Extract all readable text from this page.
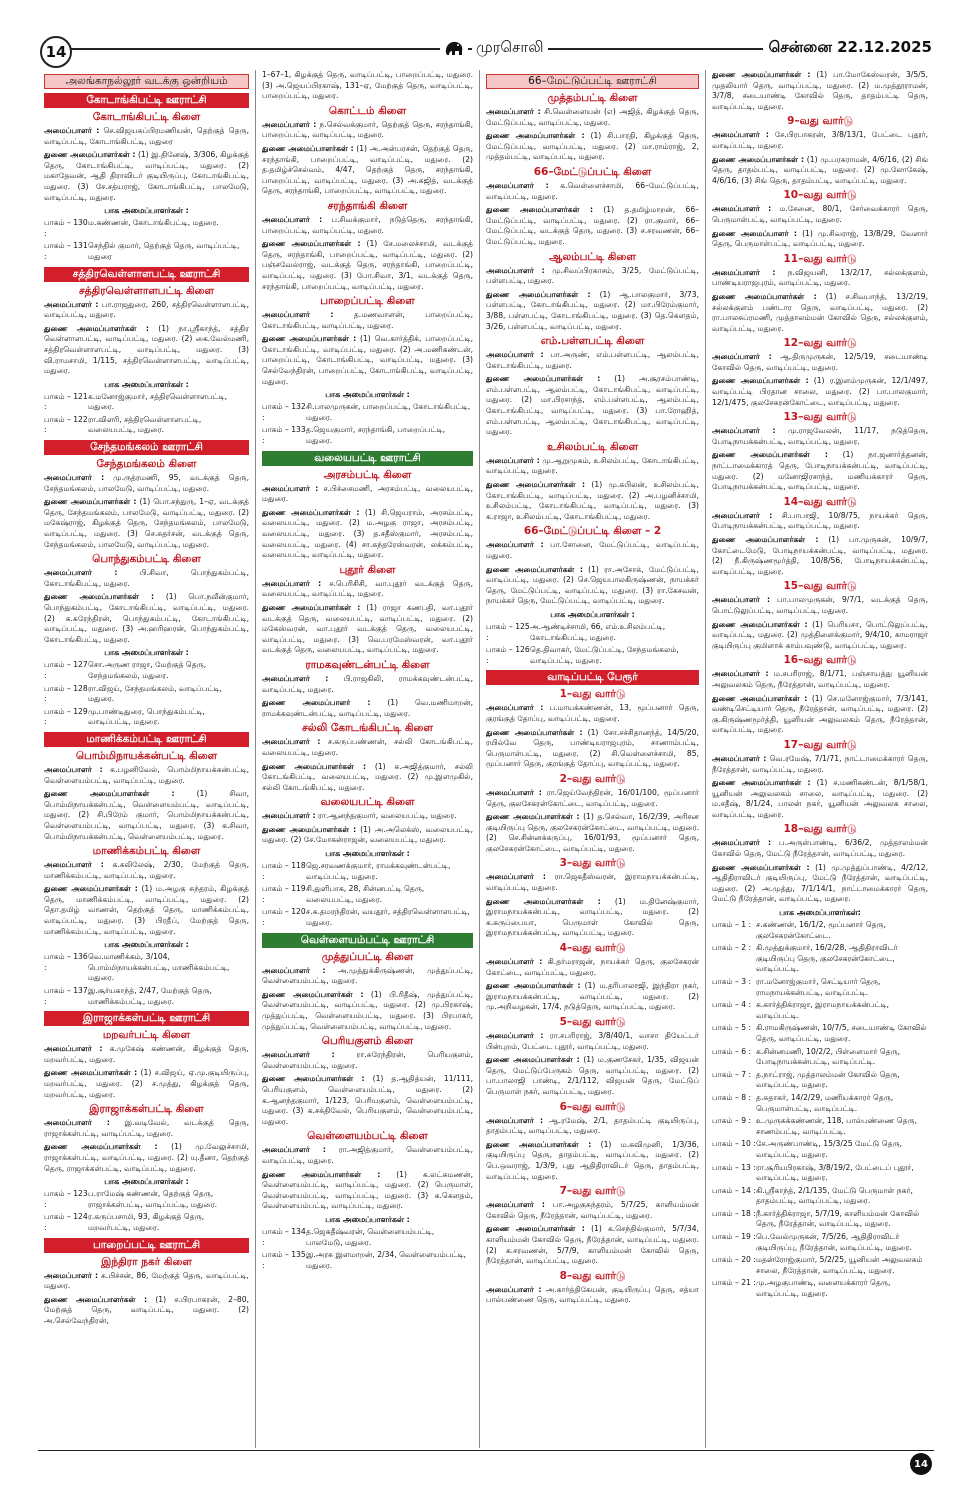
14	முரசொலி	சென்னை 22.12.2025
அலங்காநல்லூர் வடக்கு ஒன்றியம்
கோடாங்கிபட்டி ஊராட்சி
கோடாங்கிபட்டி கிளை
அமைப்பாளர் : செ.விஜயசுப்பிரமணியன், தெற்குத் தெரு, வாடிப்பட்டி, கோடாங்கிபட்டி, மதுரை
துணை அமைப்பாளர்கள் : (1) இ.தினேஷ், 3/306, கிழக்குத் தெரு, கோடாங்கிபட்டி, வாடிப்பட்டி, மதுரை. (2) மகாதேவன், ஆதி திராவிடர் குடியிருப்பு, கோடாங்கிபட்டி, மதுரை. (3) சே.சத்யராஜ், கோடாங்கிபட்டி, பாலமேடு, வாடிப்பட்டி, மதுரை.
பாக அமைப்பாளர்கள் :
பாகம் – 130 :
ம.கண்ணன், கோடாங்கிபட்டி, மதுரை.
பாகம் – 131 :
செந்தில் குமார், தெற்குத் தெரு, வாடிப்பட்டி, மதுரை
சத்திரவெள்ளாளபட்டி ஊராட்சி
சத்திரவெள்ளாளபட்டி கிளை
அமைப்பாளர் : பா.ராஜதுரை, 260, சத்திரவெள்ளாளபட்டி, வாடிப்பட்டி, மதுரை.
துணை அமைப்பாளர்கள் : (1) நா.ஸ்ரீகாந்த், சத்திர வெள்ளாளபட்டி, வாடிப்பட்டி, மதுரை. (2) கை.வேல்மணி, சத்திரவெள்ளாளபட்டி, வாடிப்பட்டி, மதுரை. (3) வி.ராமசாமி, 1/115, சத்திரவெள்ளாளபட்டி, வாடிப்பட்டி, மதுரை.
பாக அமைப்பாளர்கள் :
பாகம் – 121 :
க.மனோஜ்குமார், சத்திரவெள்ளாளபட்டி, மதுரை.
பாகம் – 122 :
ரா.விளரி, சத்திரவெள்ளாளபட்டி, வலையபட்டி, மதுரை.
சேந்தமங்கலம் ஊராட்சி
சேந்தமங்கலம் கிளை
அமைப்பாளர் : மு.ருத்ரமணி, 95, வடக்குத் தெரு, சேந்தமங்கலம், பாலமேடு, வாடிப்பட்டி, மதுரை.
துணை அமைப்பாளர்கள் : (1) பொ.சந்துரு, 1–ஏ, வடக்குத் தெரு, சேந்தமங்கலம், பாலமேடு, வாடிப்பட்டி, மதுரை. (2) மகேஷ்ராஜ், கிழக்குத் தெரு, சேந்தமங்கலம், பாலமேடு, வாடிப்பட்டி, மதுரை. (3) செ.சுதர்சன், வடக்குத் தெரு, சேந்தமங்கலம், பாலமேடு, வாடிப்பட்டி, மதுரை.
பொந்துகம்பட்டி கிளை
அமைப்பாளர் :	பி.சிவா, பொந்துகம்பட்டி, கோடாங்கிபட்டி, மதுரை.
துணை அமைப்பாளர்கள் : (1) பொ.நவீன்குமார், பொந்துகம்பட்டி, கோடாங்கிபட்டி, வாடிப்பட்டி, மதுரை. (2) க.சுரேந்திரன், பொந்துகம்பட்டி, கோடாங்கிபட்டி, வாடிப்பட்டி, மதுரை. (3) அ.ஹரிஹரன், பொந்துகம்பட்டி, கோடாங்கிபட்டி, மதுரை.
பாக அமைப்பாளர்கள் :
பாகம் – 127 :
சொ.அருண ராஜா, மேற்குத் தெரு, சேந்தமங்கலம், மதுரை.
பாகம் – 128 :
ரா.விஜய், சேந்தமங்கலம், வாடிப்பட்டி, மதுரை.
பாகம் – 129 :
மு.பாண்டிதுரை, பொந்துகம்பட்டி, வாடிப்பட்டி, மதுரை.
மாணிக்கம்பட்டி ஊராட்சி
பொம்மிநாயக்கன்பட்டி கிளை
அமைப்பாளர் : சு.பழனிவேல், பொம்மிநாயக்கன்பட்டி, வெள்ளையம்பட்டி, வாடிப்பட்டி, மதுரை.
துணை அமைப்பாளர்கள் :	(1) சிவா, பொம்மிநாயக்கன்பட்டி, வெள்ளையம்பட்டி, வாடிப்பட்டி, மதுரை. (2) சி.பிரேம் குமார், பொம்மிநாயக்கன்பட்டி, வெள்ளையம்பட்டி, வாடிப்பட்டி, மதுரை. (3) க.சிவா, பொம்மிநாயக்கன்பட்டி, வெள்ளையம்பட்டி, மதுரை.
மாணிக்கம்பட்டி கிளை
அமைப்பாளர் : க.கலிலேஷ், 2/30, மேற்குத் தெரு, மாணிக்கம்பட்டி, வாடிப்பட்டி, மதுரை.
துணை அமைப்பாளர்கள் : (1) ம.அழகு சுந்தரம், கிழக்குத் தெரு, மாணிக்கம்பட்டி, வாடிப்பட்டி, மதுரை. (2) தொ.தமிழ் வாணன், தெற்குத் தெரு, மாணிக்கம்பட்டி, வாடிப்பட்டி, மதுரை. (3) பிரதீப், மேற்குத் தெரு, மாணிக்கம்பட்டி, வாடிப்பட்டி, மதுரை.
பாக அமைப்பாளர்கள் :
பாகம் – 136 :
வெ.மாணிக்கம், 3/104, பொம்மிநாயக்கன்பட்டி, மாணிக்கம்பட்டி, மதுரை.
பாகம் – 137 :
இ.சூர்யகாந்த், 2/47, மேற்குத் தெரு, மாணிக்கம்பட்டி, மதுரை.
இராஜாக்கள்பட்டி ஊராட்சி
மறவர்பட்டி கிளை
அமைப்பாளர் : க.முகேஷ் கண்ணன், கிழக்குத் தெரு, மறவர்பட்டி, மதுரை.
துணை அமைப்பாளர்கள் : (1) ச.விஜய், ஏ.மு.குடியிருப்பு, மறவர்பட்டி, மதுரை. (2) ச.முத்து, கிழக்குத் தெரு, மறவர்பட்டி, மதுரை.
இராஜாக்கள்பட்டி கிளை
அமைப்பாளர் : இ.வடிவேல், வடக்குத் தெரு, ராஜாக்கள்பட்டி, வாடிப்பட்டி, மதுரை.
துணை அமைப்பாளர்கள் : (1) மு.வேலுச்சாமி, ராஜாக்கள்பட்டி, வாடிப்பட்டி, மதுரை. (2) யு.தீனா, தெற்குத் தெரு, ராஜாக்கள்பட்டி, வாடிப்பட்டி, மதுரை.
பாக அமைப்பாளர்கள் :
பாகம் – 123 :
ப.ராமேஷ் கண்ணன், தெற்குத் தெரு, ராஜாக்கள்பட்டி, வாடிப்பட்டி, மதுரை.
பாகம் – 124 :
ர.கருப்பசாமி, 93, கிழக்குத் தெரு, மறவர்பட்டி, மதுரை.
பாறைப்பட்டி ஊராட்சி
இந்திரா நகர் கிளை
அமைப்பாளர் : சு.பிச்சன், 86, மேற்குத் தெரு, வாடிப்பட்டி, மதுரை.
துணை அமைப்பாளர்கள் : (1) ச.பிரபாகரன், 2–80, மேற்குத் தெரு, வாடிப்பட்டி, மதுரை. (2) அ.செல்வேந்திரன்,
1–67–1, கிழக்குத் தெரு, வாடிப்பட்டி, பாறைப்பட்டி, மதுரை. (3) அ.ஜெயப்பிரகாஷ், 131–ஏ, மேற்குத் தெரு, வாடிப்பட்டி, பாறைப்பட்டி, மதுரை.
கொட்டம் கிளை
அமைப்பாளர் : ந.செல்வக்குமார், தெற்குத் தெரு, சரந்தாங்கி, பாறைப்பட்டி, வாடிப்பட்டி, மதுரை.
துணை அமைப்பாளர்கள் : (1) அ.அன்பரசன், தெற்குத் தெரு, சரந்தாங்கி, பாறைப்பட்டி, வாடிப்பட்டி, மதுரை. (2) த.தமிழ்ச்செல்வம், 4/47, தெற்குத் தெரு, சரந்தாங்கி, பாறைப்பட்டி, வாடிப்பட்டி, மதுரை. (3) அ.சுஜித், வடக்குத் தெரு, சரந்தாங்கி, பாறைப்பட்டி, வாடிப்பட்டி, மதுரை.
சரந்தாங்கி கிளை
அமைப்பாளர் : ப.சிவக்குமார், நடுத்தெரு, சரந்தாங்கி, பாறைப்பட்டி, வாடிப்பட்டி, மதுரை.
துணை அமைப்பாளர்கள் : (1) சே.மலைச்சாமி, வடக்குத் தெரு, சரந்தாங்கி, பாறைப்பட்டி, வாடிப்பட்டி, மதுரை. (2) பஞ்சவேல்ராஜ், வடக்குத் தெரு, சரந்தாங்கி, பாறைப்பட்டி, வாடிப்பட்டி, மதுரை. (3) போ.சிவா, 3/1, வடக்குத் தெரு, சரந்தாங்கி, பாறைப்பட்டி, வாடிப்பட்டி, மதுரை.
பாறைப்பட்டி கிளை
அமைப்பாளர் :	த.மணவாளன், பாறைப்பட்டி, கோடாங்கிபட்டி, வாடிப்பட்டி, மதுரை.
துணை அமைப்பாளர்கள் : (1) வெ.கார்த்திக், பாறைப்பட்டி, கோடாங்கிபட்டி, வாடிப்பட்டி, மதுரை. (2) அ.மணிகண்டன், பாறைப்பட்டி, கோடாங்கிபட்டி, வாடிப்பட்டி, மதுரை. (3) செல்வேந்திரன், பாறைப்பட்டி, கோடாங்கிபட்டி, வாடிப்பட்டி, மதுரை.
பாக அமைப்பாளர்கள் :
பாகம் – 132 :
சி.பாலமுருகன், பாறைப்பட்டி, கோடாங்கிபட்டி, மதுரை.
பாகம் – 133 :
த.ஜெயகுமார், சரந்தாங்கி, பாறைப்பட்டி, மதுரை.
வலையபட்டி ஊராட்சி
அரசம்பட்டி கிளை
அமைப்பாளர் : ச.பிச்சைமணி, அரசம்பட்டி, வலையபட்டி, மதுரை.
துணை அமைப்பாளர்கள் : (1) சி.ஜெயராம், அரசம்பட்டி, வலையபட்டி, மதுரை. (2) ம.அழகு ராஜா, அரசம்பட்டி, வலையபட்டி, மதுரை. (3) த.சதீஸ்குமார், அரசம்பட்டி, வலையபட்டி, மதுரை. (4) சா.சுந்தரேஸ்வரன், லக்கம்பட்டி, வலையபட்டி, வாடிப்பட்டி, மதுரை.
புதூர் கிளை
அமைப்பாளர் : ச.பெரிசிசி, வா.புதூர் வடக்குத் தெரு, வலையபட்டி, வாடிப்பட்டி, மதுரை.
துணை அமைப்பாளர்கள் : (1) ராஜா கணபதி, வா.புதூர் வடக்குத் தெரு, வலையபட்டி, வாடிப்பட்டி, மதுரை. (2) மகேஸ்வரன், வா.புதூர் வடக்குத் தெரு, வலையபட்டி, வாடிப்பட்டி, மதுரை. (3) வெ.பரமேஸ்வரன், வா.புதூர் வடக்குத் தெரு, வலையபட்டி, வாடிப்பட்டி, மதுரை.
ராமகவுண்டன்பட்டி கிளை
அமைப்பாளர் : பி.ராஜகிலி, ராமக்கவுண்டன்பட்டி, வாடிப்பட்டி, மதுரை.
துணை அமைப்பாளர் : (1) வெ.மணிமாறன், ராமக்கவுண்டன்பட்டி, வாடிப்பட்டி, மதுரை.
சல்லி கோடங்கிபட்டி கிளை
அமைப்பாளர் : ச.கருப்பண்ணன், சல்லி கோடங்கிபட்டி, வலையபட்டி, மதுரை.
துணை அமைப்பாளர்கள் : (1) க.அஜித்குமார், சல்லி கோடங்கிபட்டி, வலையபட்டி, மதுரை. (2) மு.இளமுகில், சல்லி கோடங்கிபட்டி, மதுரை.
வலையபட்டி கிளை
அமைப்பாளர் : ரா.ஆனந்தகுமார், வலையபட்டி, மதுரை.
துணை அமைப்பாளர்கள் : (1) அ.அலெக்ஸ், வலையபட்டி, மதுரை. (2) சே.மோகன்ராஜன், வலையபட்டி, மதுரை.
பாக அமைப்பாளர்கள் :
பாகம் – 118 :
ஜெ.சரவணக்குமார், ராமக்கவுண்டன்பட்டி, வாடிப்பட்டி, மதுரை.
பாகம் – 119 :
சி.துளிபாக, 28, சின்னபட்டி தெரு, வலையபட்டி, மதுரை.
பாகம் – 120 :
ச.க.தமரந்திரன், வயதூர், சத்திரவெள்ளாளபட்டி, மதுரை.
வெள்ளையம்பட்டி ஊராட்சி
முத்துப்பட்டி கிளை
அமைப்பாளர் : அ.முத்துக்கிருஷ்ணன், முத்துப்பட்டி, வெள்ளையம்பட்டி, மதுரை.
துணை அமைப்பாளர்கள் : (1) பி.ரிதீஷ், முத்துப்பட்டி, வெள்ளையம்பட்டி, வாடிப்பட்டி, மதுரை. (2) மு.பிரகாஷ், முத்துப்பட்டி, வெள்ளையம்பட்டி, மதுரை. (3) பிரபாகர், முத்துப்பட்டி, வெள்ளையம்பட்டி, வாடிப்பட்டி, மதுரை.
பெரியகுளம் கிளை
அமைப்பாளர் :	ரா.சுரேந்திரன், பெரியகுளம், வெள்ளையம்பட்டி, மதுரை.
துணை அமைப்பாளர்கள் : (1) த.ஆதித்யன், 11/111, பெரியகுளம், வெள்ளையம்பட்டி, மதுரை. (2) க.ஆனந்தகுமார், 1/123, பெரியகுளம், வெள்ளையம்பட்டி, மதுரை. (3) க.சக்திவேல், பெரியகுளம், வெள்ளையம்பட்டி, மதுரை.
வெள்ளையம்பட்டி கிளை
அமைப்பாளர் : ரா.அஜித்குமார், வெள்ளையம்பட்டி, வாடிப்பட்டி, மதுரை.
துணை அமைப்பாளர்கள் : (1) க.லட்சுமணன், வெள்ளையம்பட்டி, வாடிப்பட்டி, மதுரை. (2) பெருமாள், வெள்ளையம்பட்டி, வாடிப்பட்டி, மதுரை. (3) க.கௌதம், வெள்ளையம்பட்டி, வாடிப்பட்டி, மதுரை.
பாக அமைப்பாளர்கள் :
பாகம் – 134 :
த.ஜெகதீஷ்வரன், வெள்ளையம்பட்டி, பாலமேடு, மதுரை.
பாகம் – 135 :
இ.அரசு இளமாறன், 2/34, வெள்ளையம்பட்டி, மதுரை.
66–மேட்டுப்பட்டி ஊராட்சி
முத்தம்பட்டி கிளை
அமைப்பாளர் : சி.வெள்ளையன் (எ) அஜித், கிழக்குத் தெரு, மேட்டுப்பட்டி, வாடிப்பட்டி, மதுரை.
துணை அமைப்பாளர்கள் : (1) சி.பாரதி, கிழக்குத் தெரு, மேட்டுப்பட்டி, வாடிப்பட்டி, மதுரை. (2) மா.ராம்ராஜ், 2, முத்தம்பட்டி, வாடிப்பட்டி, மதுரை.
66–மேட்டுப்பட்டி கிளை
அமைப்பாளர் : க.வெள்ளைச்சாமி, 66–மேட்டுப்பட்டி, வாடிப்பட்டி, மதுரை.
துணை அமைப்பாளர்கள் : (1) த.தமிழ்மாறன், 66–மேட்டுப்பட்டி, வாடிப்பட்டி, மதுரை. (2) ரா.குமார், 66–மேட்டுப்பட்டி, வடக்குத் தெரு, மதுரை. (3) ச.சரவணன், 66–மேட்டுப்பட்டி, மதுரை.
ஆலம்பட்டி கிளை
அமைப்பாளர் : மு.சிவப்பிரகாசம், 3/25, மேட்டுப்பட்டி, பள்ளபட்டி, மதுரை.
துணை அமைப்பாளர்கள் : (1) ஆ.பாலகுமார், 3/73, பள்ளபட்டி, கோடாங்கிபட்டி, மதுரை. (2) மா.பிரேம்குமார், 3/88, பள்ளபட்டி, கோடாங்கிபட்டி, மதுரை. (3) தெ.கௌதம், 3/26, பள்ளபட்டி, வாடிப்பட்டி, மதுரை.
எம்.பள்ளபட்டி கிளை
அமைப்பாளர் : பா.அருண், எம்.பள்ளபட்டி, ஆலம்பட்டி, கோடாங்கிபட்டி, மதுரை.
துணை அமைப்பாளர்கள் : (1) அ.சூரசம்பாண்டி, எம்.பள்ளபட்டி, ஆலம்பட்டி, கோடாங்கிபட்டி, வாடிப்பட்டி, மதுரை. (2) மா.பிரசாந்த், எம்.பள்ளபட்டி, ஆலம்பட்டி, கோடாங்கிபட்டி, வாடிப்பட்டி, மதுரை. (3) பா.ரோஹித், எம்.பள்ளபட்டி, ஆலம்பட்டி, கோடாங்கிபட்டி, வாடிப்பட்டி, மதுரை.
உசிலம்பட்டி கிளை
அமைப்பாளர் : மு.ஆறுமுகம், உசிலம்பட்டி, கோடாங்கிபட்டி, வாடிப்பட்டி, மதுரை.
துணை அமைப்பாளர்கள் : (1) மு.சுபிலன், உசிலம்பட்டி, கோடாங்கிபட்டி, வாடிப்பட்டி, மதுரை. (2) அ.பழனிச்சாமி, உசிலம்பட்டி, கோடாங்கிபட்டி, வாடிப்பட்டி, மதுரை. (3) க.ராஜா, உசிலம்பட்டி, கோடாங்கிபட்டி, மதுரை.
66–மேட்டுப்பட்டி கிளை – 2
அமைப்பாளர் : பா.சோனை, மேட்டுப்பட்டி, வாடிப்பட்டி, மதுரை.
துணை அமைப்பாளர்கள் : (1) ரா.அசோக், மேட்டுப்பட்டி, வாடிப்பட்டி, மதுரை. (2) செ.ஜெயபாலகிருஷ்ணன், நாயக்கர் தெரு, மேட்டுப்பட்டி, வாடிப்பட்டி, மதுரை. (3) ரா.கேசவன், நாயக்கர் தெரு, மேட்டுப்பட்டி, வாடிப்பட்டி, மதுரை.
பாக அமைப்பாளர்கள் :
பாகம் – 125 :
அ.ஆண்டிச்சாமி, 66, எம்.உசிலம்பட்டி, கோடாங்கிபட்டி, மதுரை.
பாகம் – 126 :
தெ.திவாகர், மேட்டுப்பட்டி, சேந்தமங்கலம், வாடிப்பட்டி, மதுரை.
வாடிப்பட்டி பேரூர்
1–வது வார்டு
அமைப்பாளர் : ப.மாயக்கண்ணன், 13, மூப்பனார் தெரு, குரங்குத் தோப்பு, வாடிப்பட்டி, மதுரை.
துணை அமைப்பாளர்கள் : (1) சோ.சச்சிதானந்த், 14/5/20, ரயில்வே தெரு, பாண்டியராஜபுரம், சாணாம்பட்டி, பெருமாள்பட்டி, மதுரை. (2) சி.வெள்ளைச்சாமி, 85, மூப்பனார் தெரு, குரங்குத் தோப்பு, வாடிப்பட்டி, மதுரை.
2–வது வார்டு
அமைப்பாளர் : ரா.ஜெய்வேந்திரன், 16/01/100, மூப்பனார் தெரு, குலசேகரன்கோட்டை, வாடிப்பட்டி, மதுரை.
துணை அமைப்பாளர்கள் : (1) த.செல்வா, 16/2/39, அரிசன குடியிருப்பு தெரு, குலசேகரன்கோட்டை, வாடிப்பட்டி, மதுரை. (2) செ.சின்னக்கருப்பு, 16/01/93, மூப்பனார் தெரு, குலசேகரன்கோட்டை, வாடிப்பட்டி, மதுரை.
3–வது வார்டு
அமைப்பாளர் : ரா.ஜெகதீஸ்வரன், இராமநாயக்கன்பட்டி, வாடிப்பட்டி, மதுரை.
துணை அமைப்பாளர்கள் : (1) ம.தினேஷ்குமார், இராமநாயக்கன்பட்டி, வாடிப்பட்டி, மதுரை. (2) க.கருப்பையா, பெருமாள் கோவில் தெரு, இராமநாயக்கன்பட்டி, வாடிப்பட்டி, மதுரை.
4–வது வார்டு
அமைப்பாளர் : கி.தர்மராஜன், நாயக்கர் தெரு, குலசேகரன் கோட்டை, வாடிப்பட்டி, மதுரை.
துணை அமைப்பாளர்கள் : (1) ம.தரிபாலாஜி, இந்திரா நகர், இராமநாயக்கன்பட்டி, வாடிப்பட்டி, மதுரை. (2) மு.அறிவழகன், 17/4, நடுத்தெரு, வாடிப்பட்டி, மதுரை.
5–வது வார்டு
அமைப்பாளர் : ரா.சபரிராஜ், 3/8/40/1, வாசா தியேட்டர் பின்புறம், பேட்டை புதூர், வாடிப்பட்டி, மதுரை.
துணை அமைப்பாளர்கள் : (1) ம.குணசேகர், 1/35, விஜயன் தெரு, மேட்டுப்பேருகம் தெரு, வாடிப்பட்டி, மதுரை. (2) பா.பாலாஜி பாண்டி, 2/1/112, விஜயன் தெரு, மேட்டுப் பெருமாள் நகர், வாடிப்பட்டி, மதுரை.
6–வது வார்டு
அமைப்பாளர் : ஆ.ரமேஷ், 2/1, தாதம்பட்டி குடியிருப்பு, தாதம்பட்டி, வாடிப்பட்டி, மதுரை.
துணை அமைப்பாளர்கள் : (1) ம.கவிமுனி, 1/3/36, குடியிருப்பு தெரு, தாதம்பட்டி, வாடிப்பட்டி, மதுரை. (2) பெ.ஒவராஜ், 1/3/9, புது ஆதிதிராவிடர் தெரு, தாதம்பட்டி, வாடிப்பட்டி, மதுரை.
7–வது வார்டு
அமைப்பாளர் : பா.அழகுசுந்தரம், 5/7/25, காளியம்மன் கோவில் தெரு, நீரேத்தான், வாடிப்பட்டி, மதுரை.
துணை அமைப்பாளர்கள் : (1) க.செந்தில்குமார், 5/7/34, காளியம்மன் கோவில் தெரு, நீரேத்தான், வாடிப்பட்டி, மதுரை. (2) க.சரவணன், 5/7/9, காளியம்மன் கோவில் தெரு, நீரேத்தான், வாடிப்பட்டி, மதுரை.
8–வது வார்டு
அமைப்பாளர் : அ.கார்த்திகேயன், குடியிருப்பு தெரு, சத்யா பால்பண்ணை தெரு, வாடிப்பட்டி, மதுரை.
துணை அமைப்பாளர்கள் : (1) பா.மோகேஸ்வரன், 3/5/5, முதலியார் தெரு, வாடிப்பட்டி, மதுரை. (2) ம.முத்தூராமன், 3/7/8, சடையாண்டி கோவில் தெரு, தாதம்பட்டி தெரு, வாடிப்பட்டி, மதுரை.
9–வது வார்டு
அமைப்பாளர் : சே.பிரபாகரன், 3/8/13/1, பேட்டை புதூர், வாடிப்பட்டி, மதுரை.
துணை அமைப்பாளர்கள் : (1) மு.பரசுராமன், 4/6/16, (2) சிங் தெரு, தாதம்பட்டி, வாடிப்பட்டி, மதுரை. (2) மு.லோகேஷ், 4/6/16, (3) சிங் தெரு, தாதம்பட்டி, வாடிப்பட்டி, மதுரை.
10–வது வார்டு
அமைப்பாளர் : ம.சேனை, 80/1, சேர்வைக்காரர் தெரு, பெருமாள்பட்டி, வாடிப்பட்டி, மதுரை.
துணை அமைப்பாளர் : (1) மு.சிவராஜ், 13/8/29, வேளார் தெரு, பெருமாள்பட்டி, வாடிப்பட்டி, மதுரை.
11–வது வார்டு
அமைப்பாளர் : ந.விஜயனி, 13/2/17, சல்லக்குளம், பாண்டியராஜபுரம், வாடிப்பட்டி, மதுரை.
துணை அமைப்பாளர்கள் : (1) ச.சிவபாந்த், 13/2/19, சல்லக்குளம் பண்டார தெரு, வாடிப்பட்டி, மதுரை. (2) ரா.பாலசுப்ரமணி, முத்தாலம்மன் கோவில் தெரு, சல்லக்குளம், வாடிப்பட்டி, மதுரை.
12–வது வார்டு
அமைப்பாளர் : ஆ.திருமுருகன், 12/5/19, சடையாண்டி கோவில் தெரு, வாடிப்பட்டி, மதுரை.
துணை அமைப்பாளர்கள் : (1) ர.இளம்முருகன், 12/1/497, வாடிப்பட்டி பிரதான சாலை, மதுரை. (2) பா.பாலகுமார், 12/1/475, குலசேகரன்கோட்டை, வாடிப்பட்டி, மதுரை.
13–வது வார்டு
அமைப்பாளர் : மு.ராஜவேலன், 11/17, நடுத்தெரு, போடிநாயக்கன்பட்டி, வாடிப்பட்டி, மதுரை.
துணை அமைப்பாளர்கள் : (1) நா.ஜனார்த்தனன், நாட்டாமைக்காரத் தெரு, போடிநாயக்கன்பட்டி, வாடிப்பட்டி, மதுரை. (2) மனோஜிரசாந்த், மணியக்காரர் தெரு, போடிநாயக்கன்பட்டி, வாடிப்பட்டி, மதுரை.
14–வது வார்டு
அமைப்பாளர் : சி.பாபாஜி, 10/8/75, நாயக்கர் தெரு, போடிநாயக்கன்பட்டி, வாடிப்பட்டி, மதுரை.
துணை அமைப்பாளர்கள் : (1) பா.முருகன், 10/9/7, கோட்டைமேடு, போடிநாயக்கன்பட்டி, வாடிப்பட்டி, மதுரை. (2) நீ.கிருஷ்ணமூர்த்தி, 10/8/56, போடிநாயக்கன்பட்டி, வாடிப்பட்டி, மதுரை.
15–வது வார்டு
அமைப்பாளர் : பா.பாலமுருகன், 9/7/1, வடக்குத் தெரு, பொட்டுலுப்பட்டி, வாடிப்பட்டி, மதுரை.
துணை அமைப்பாளர்கள் : (1) பெரியசா, பொட்டுலுப்பட்டி, வாடிப்பட்டி, மதுரை. (2) முத்திளைக்குமார், 9/4/10, காமராஜர் குடியிருப்பு குமிளாக் காம்பவுண்டு, வாடிப்பட்டி, மதுரை.
16–வது வார்டு
அமைப்பாளர் : ம.சபரிராஜ், 8/1/71, பஞ்சாயத்து யூனியன் அலுவலகம் தெரு, நீரேத்தான், வாடிப்பட்டி, மதுரை.
துணை அமைப்பாளர்கள் : (1) செ.மனோஜ்குமார், 7/3/141, வண்டிசெட்டியார் தெரு, நீரேத்தான், வாடிப்பட்டி, மதுரை. (2) கு.கிருஷ்ணமூர்த்தி, யூனியன் அலுவலகம் தெரு, நீரேத்தான், வாடிப்பட்டி, மதுரை.
17–வது வார்டு
அமைப்பாளர் : வெ.ரமேஷ், 7/1/71, நாட்டாமைக்காரர் தெரு, நீரேத்தான், வாடிப்பட்டி, மதுரை.
துணை அமைப்பாளர்கள் : (1) ச.மணிகண்டன், 8/1/58/1, யூனியன் அலுவலகம் சாலை, வாடிப்பட்டி, மதுரை. (2) ம.சதீஷ், 8/1/24, பாலன் நகர், யூனியன் அலுவலக சாலை, வாடிப்பட்டி, மதுரை.
18–வது வார்டு
அமைப்பாளர் : ப.அருள்பாண்டி, 6/36/2, முத்தாலம்மன் கோவில் தெரு, மேட்டு நீரேத்தான், வாடிப்பட்டி, மதுரை.
துணை அமைப்பாளர்கள் : (1) மு.முத்துப்பாண்டி, 4/2/12, ஆதிதிராவிடர் குடியிருப்பு, மேட்டு நீரேத்தான், வாடிப்பட்டி, மதுரை. (2) அ.முத்து, 7/1/14/1, நாட்டாமைக்காரர் தெரு, மேட்டு நீரேத்தான், வாடிப்பட்டி, மதுரை.
பாக அமைப்பாளர்கள்:
பாகம் – 1 : ச.கண்ணன், 16/1/2, மூப்பனார் தெரு, குலசேகரன்கோட்டை.
பாகம் – 2 : கி.முத்துக்குமார், 16/2/28, ஆதிதிராவிடர் குடியிருப்பு தெரு, குலசேகரன்கோட்டை, வாடிப்பட்டி.
பாகம் – 3 : ரா.மனோஜ்குமார், செட்டியார் தெரு, ராமநாயக்கன்பட்டி, வாடிப்பட்டி.
பாகம் – 4 : க.கார்த்திக்ராஜா, இராமநாயக்கன்பட்டி, வாடிப்பட்டி.
பாகம் – 5 : கி.ராமகிருஷ்ணன், 10/7/5, சடையாண்டி கோவில் தெரு, வாடிப்பட்டி, மதுரை.
பாகம் – 6 : க.சின்னமணி, 10/2/2, பிள்ளைமார் தெரு, போடிநாயக்கன்பட்டி, வாடிப்பட்டி.
பாகம் – 7 : த.நாட்ராஜ், முத்தாலம்மன் கோவில் தெரு, வாடிப்பட்டி, மதுரை.
பாகம் – 8 : த.சுதாகர், 14/2/29, மணியக்காரர் தெரு, பெருமாள்பட்டி, வாடிப்பட்டி.
பாகம் – 9 : உ.முருகக்கண்ணன், 118, பால்பண்ணை தெரு, சாணம்பட்டி, வாடிப்பட்டி.
பாகம் – 10 : சே.அருண்பாண்டி, 15/3/25 மேட்டு தெரு, வாடிப்பட்டி, மதுரை.
பாகம் – 13 : ரா.சூரியபிரகாஷ், 3/8/19/2, பேட்டைப் புதூர், வாடிப்பட்டி, மதுரை.
பாகம் – 14 : கி.ஸ்ரீகாந்த், 2/1/135, மேட்டு பெருமாள் நகர், தாதம்பட்டி, வாடிப்பட்டி, மதுரை.
பாகம் – 18 : நீ.கார்த்திக்ராஜா, 5/7/19, காளியம்மன் கோவில் தெரு, நீரேத்தான், வாடிப்பட்டி, மதுரை.
பாகம் – 19 : பெ.வேல்முருகன், 7/5/26, ஆதிதிராவிடர் குடியிருப்பு, நீரேத்தான், வாடிப்பட்டி, மதுரை.
பாகம் – 20 : மதன்ரோஜ்குமார், 5/2/25, யூனியன் அலுவலகம் சாலை, நீரேத்தான், வாடிப்பட்டி, மதுரை.
பாகம் – 21 : மு.அழகுபாண்டி, வளையக்காரர் தெரு, வாடிப்பட்டி, மதுரை.
14
